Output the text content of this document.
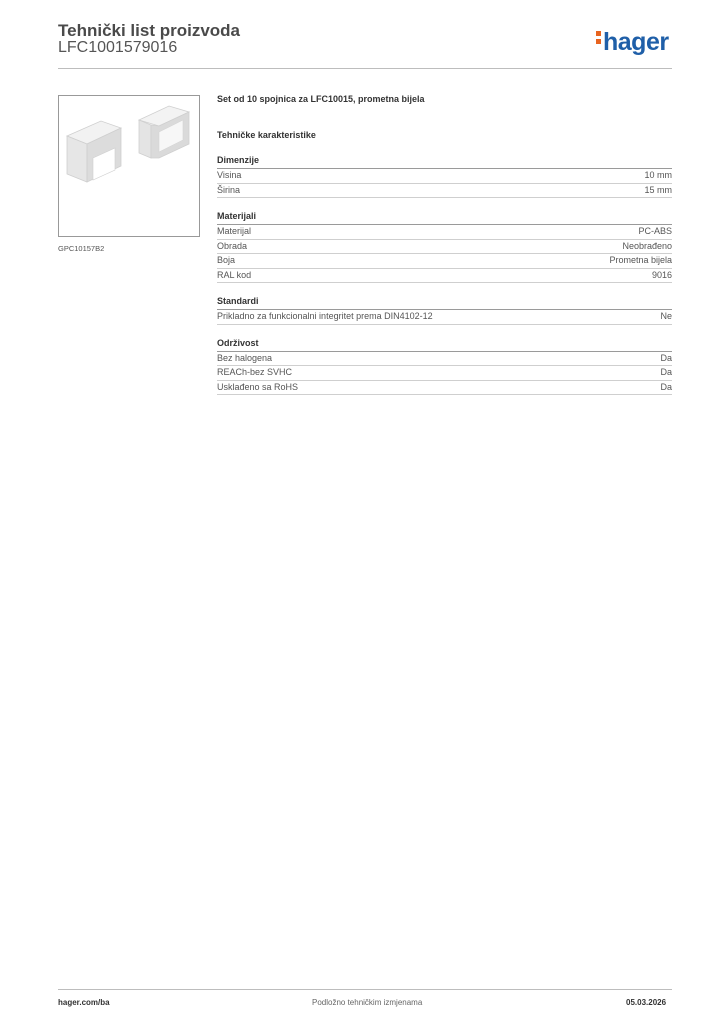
Tehnički list proizvoda
LFC1001579016	hager
GPC10157B2
Set od 10 spojnica za LFC10015, prometna bijela
Tehničke karakteristike
Dimenzije
Visina	10 mm
Širina	15 mm
Materijali
Materijal	PC-ABS
Obrada	Neobrađeno
Boja	Prometna bijela
RAL kod	9016
Standardi
Prikladno za funkcionalni integritet prema DIN4102-12	Ne
Održivost
Bez halogena	Da
REACh-bez SVHC	Da
Usklađeno sa RoHS	Da
hager.com/ba	Podložno tehničkim izmjenama	05.03.2026
